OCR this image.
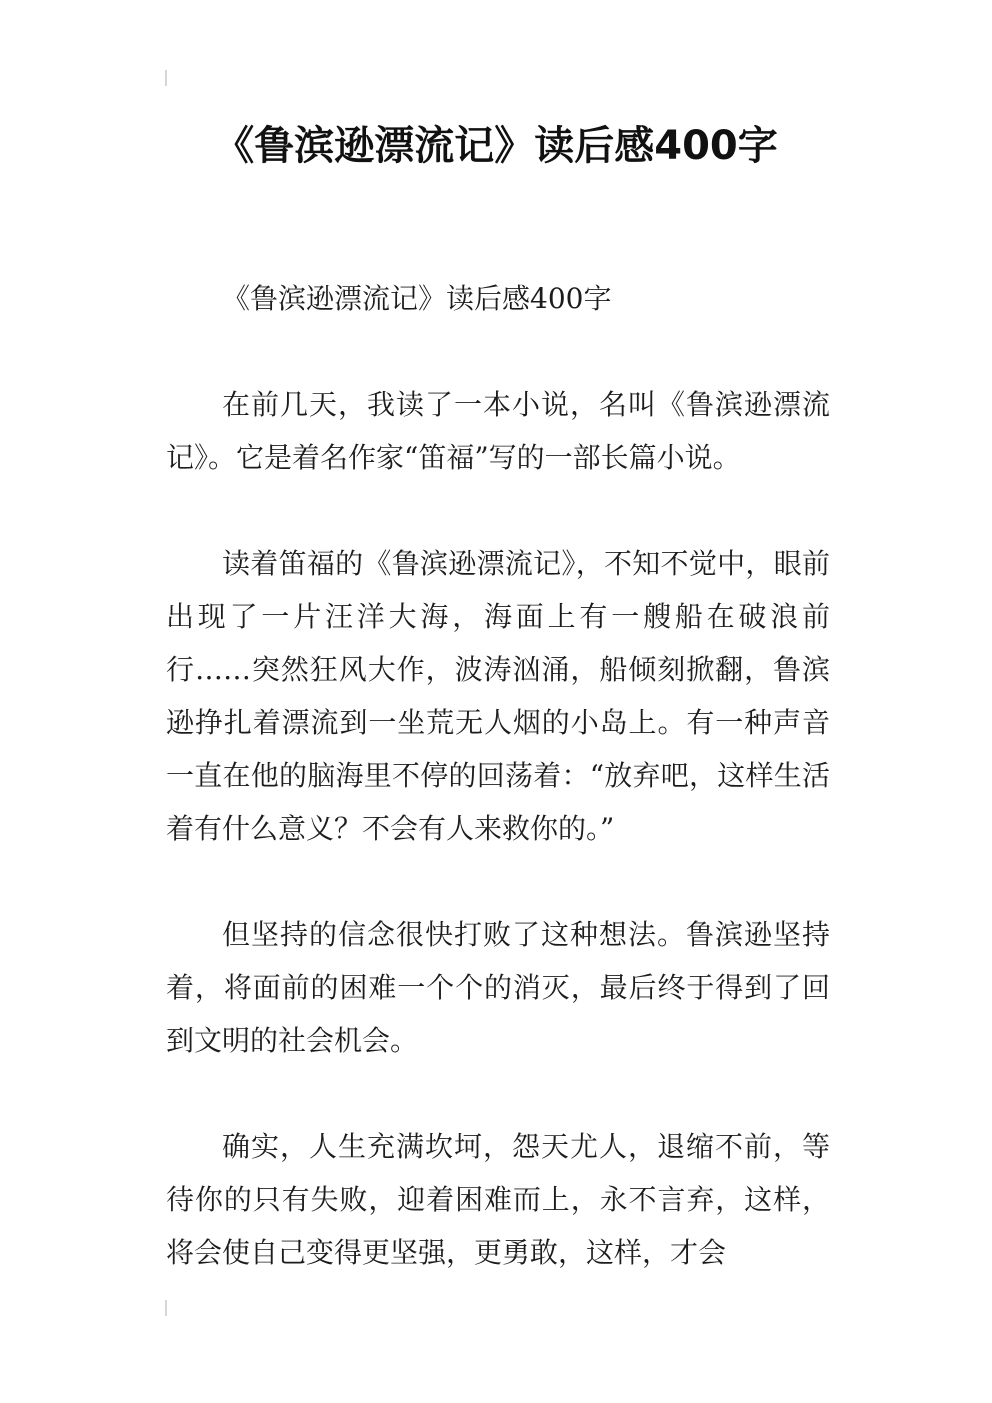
《鲁滨逊漂流记》读后感400字

《鲁滨逊漂流记》读后感400字

在前几天，我读了一本小说，名叫《鲁滨逊漂流记》。它是着名作家“笛福”写的一部长篇小说。

读着笛福的《鲁滨逊漂流记》，不知不觉中，眼前出现了一片汪洋大海，海面上有一艘船在破浪前行……突然狂风大作，波涛汹涌，船倾刻掀翻，鲁滨逊挣扎着漂流到一坐荒无人烟的小岛上。有一种声音一直在他的脑海里不停的回荡着：“放弃吧，这样生活着有什么意义？不会有人来救你的。”

但坚持的信念很快打败了这种想法。鲁滨逊坚持着，将面前的困难一个个的消灭，最后终于得到了回到文明的社会机会。

确实，人生充满坎坷，怨天尤人，退缩不前，等待你的只有失败，迎着困难而上，永不言弃，这样，将会使自己变得更坚强，更勇敢，这样，才会
